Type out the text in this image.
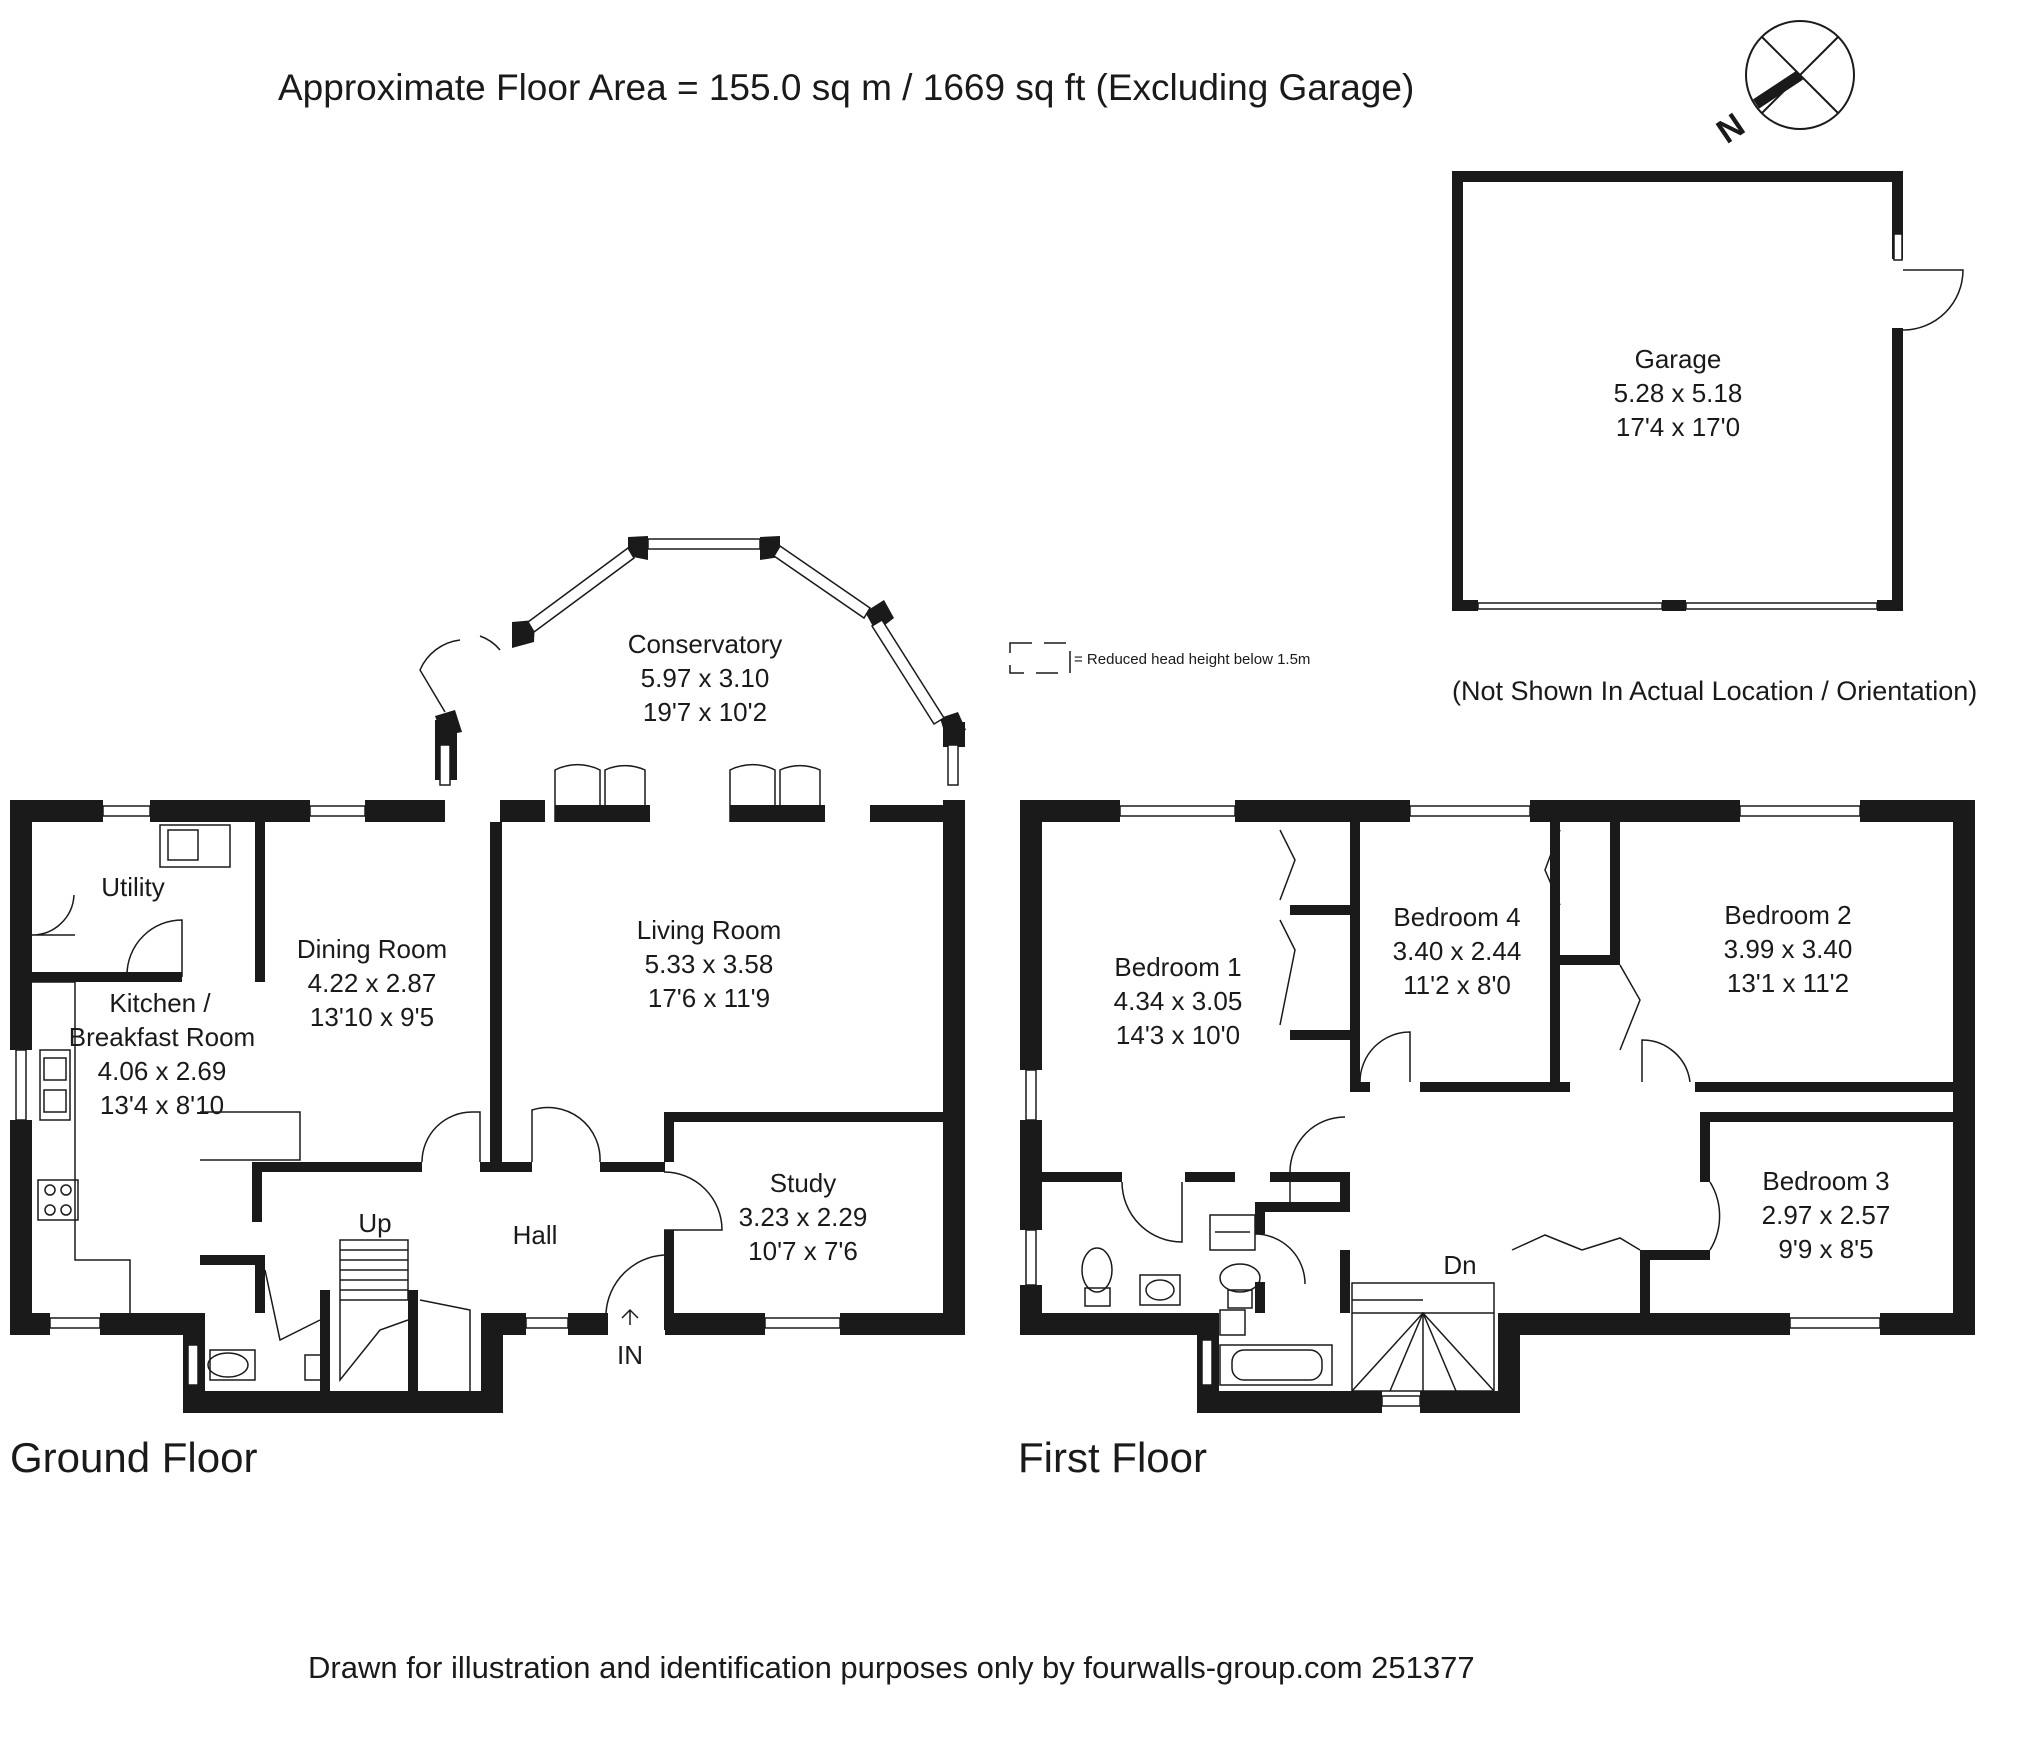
Approximate Floor Area = 155.0 sq m / 1669 sq ft (Excluding Garage)
N
Garage
5.28 x 5.18
17'4 x 17'0
(Not Shown In Actual Location / Orientation)
= Reduced head height below 1.5m
Conservatory
5.97 x 3.10
19'7 x 10'2
Utility
Dining Room
4.22 x 2.87
13'10 x 9'5
Living Room
5.33 x 3.58
17'6 x 11'9
Kitchen /
Breakfast Room
4.06 x 2.69
13'4 x 8'10
Study
3.23 x 2.29
10'7 x 7'6
Hall
Up
IN
Bedroom 1
4.34 x 3.05
14'3 x 10'0
Bedroom 4
3.40 x 2.44
11'2 x 8'0
Bedroom 2
3.99 x 3.40
13'1 x 11'2
Bedroom 3
2.97 x 2.57
9'9 x 8'5
Dn
Ground Floor	First Floor
Drawn for illustration and identification purposes only by fourwalls-group.com 251377
